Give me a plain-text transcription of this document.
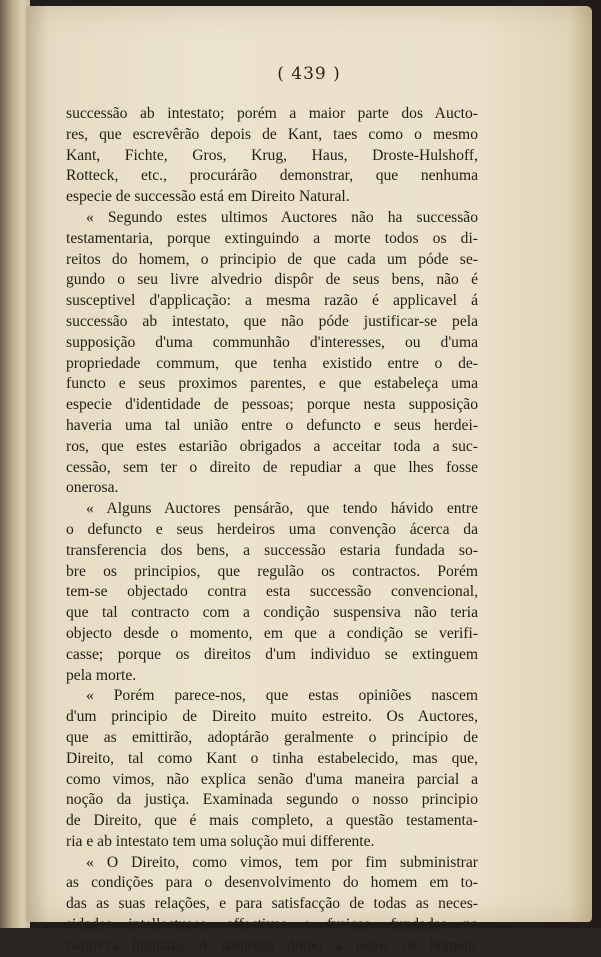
( 439 )
successão ab intestato; porém a maior parte dos Aucto-
res, que escrevêrão depois de Kant, taes como o mesmo
Kant, Fichte, Gros, Krug, Haus, Droste-Hulshoff,
Rotteck, etc., procurárão demonstrar, que nenhuma
especie de successão está em Direito Natural.
« Segundo estes ultimos Auctores não ha successão
testamentaria, porque extinguindo a morte todos os di-
reitos do homem, o principio de que cada um póde se-
gundo o seu livre alvedrio dispôr de seus bens, não é
susceptivel d'applicação: a mesma razão é applicavel á
successão ab intestato, que não póde justificar-se pela
supposição d'uma communhão d'interesses, ou d'uma
propriedade commum, que tenha existido entre o de-
functo e seus proximos parentes, e que estabeleça uma
especie d'identidade de pessoas; porque nesta supposição
haveria uma tal união entre o defuncto e seus herdei-
ros, que estes estarião obrigados a acceitar toda a suc-
cessão, sem ter o direito de repudiar a que lhes fosse
onerosa.
« Alguns Auctores pensárão, que tendo hávido entre
o defuncto e seus herdeiros uma convenção ácerca da
transferencia dos bens, a successão estaria fundada so-
bre os principios, que regulão os contractos. Porém
tem-se objectado contra esta successão convencional,
que tal contracto com a condição suspensiva não teria
objecto desde o momento, em que a condição se verifi-
casse; porque os direitos d'um individuo se extinguem
pela morte.
« Porém parece-nos, que estas opiniões nascem
d'um principio de Direito muito estreito. Os Auctores,
que as emittirão, adoptárão geralmente o principio de
Direito, tal como Kant o tinha estabelecido, mas que,
como vimos, não explica senão d'uma maneira parcial a
noção da justiça. Examinada segundo o nosso principio
de Direito, que é mais completo, a questão testamenta-
ria e ab intestato tem uma solução mui differente.
« O Direito, como vimos, tem por fim subministrar
as condições para o desenvolvimento do homem em to-
das as suas relações, e para satisfacção de todas as neces-
sidades intellectuaes, affectivas e fysicas, fundadas na
natureza humana. A natureza dotou a todos os homens
